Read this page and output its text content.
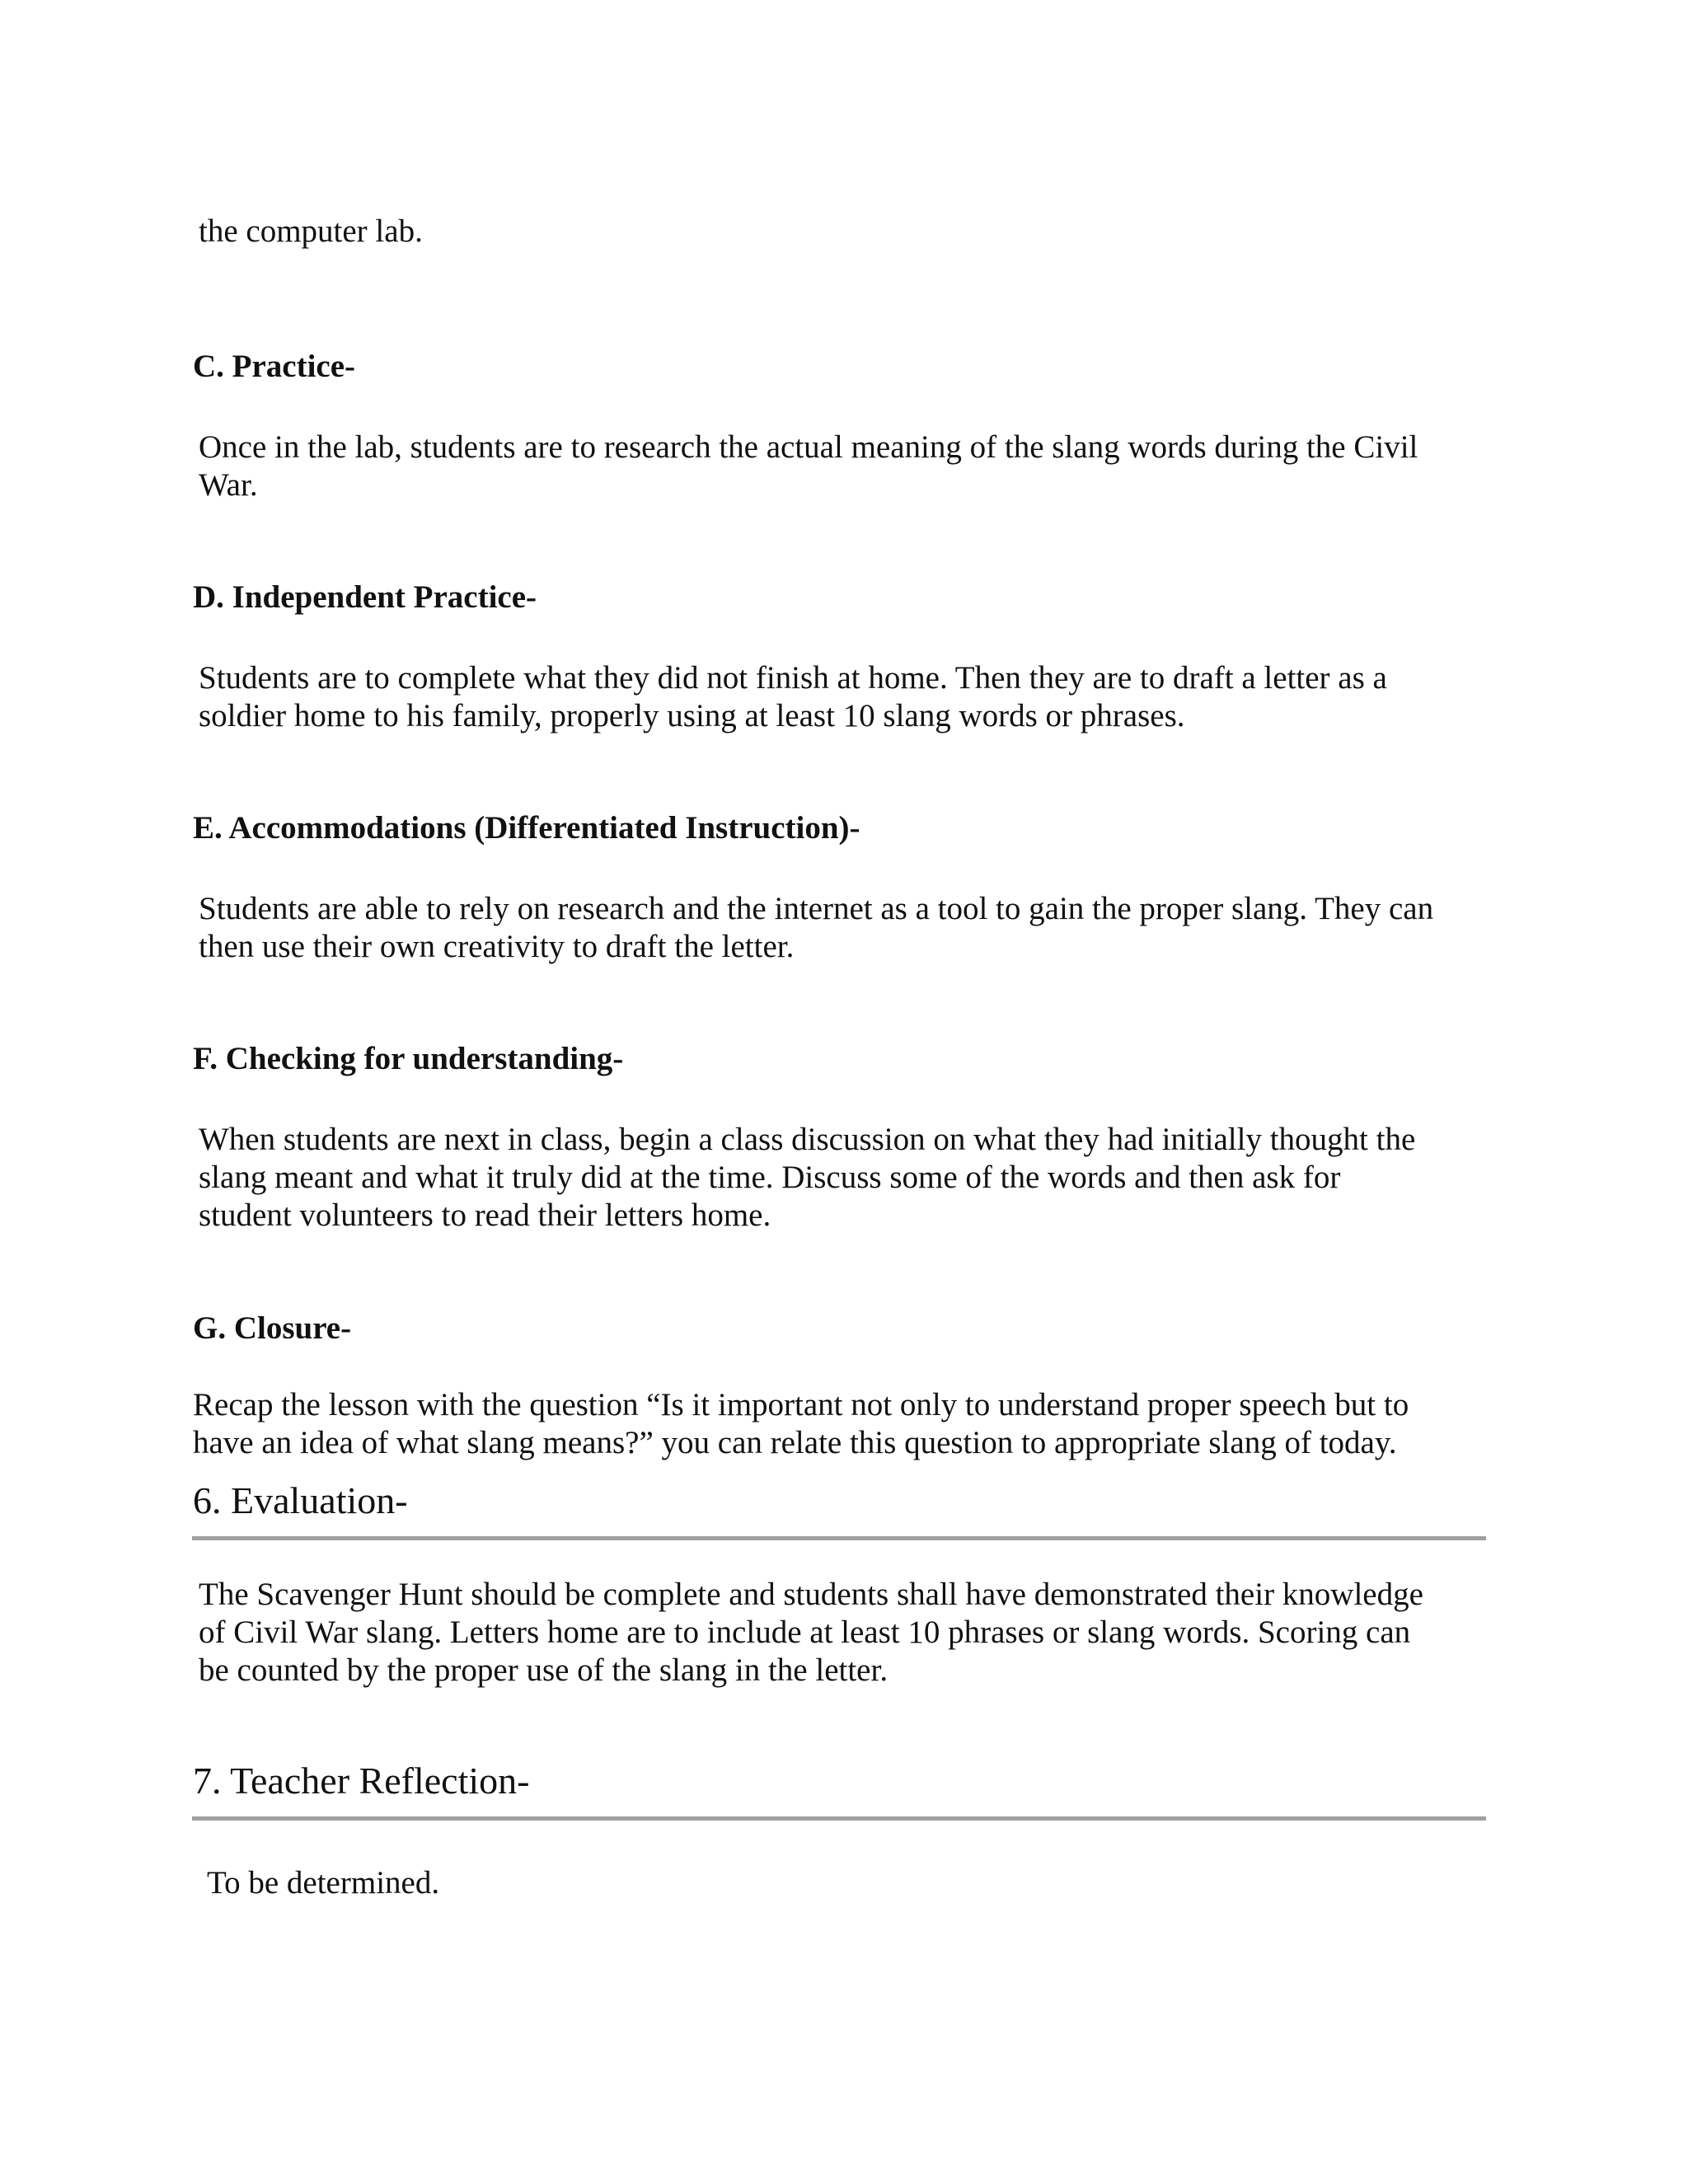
the computer lab.

C. Practice-

Once in the lab, students are to research the actual meaning of the slang words during the Civil

War.

D. Independent Practice-

Students are to complete what they did not finish at home. Then they are to draft a letter as a

soldier home to his family, properly using at least 10 slang words or phrases.

E. Accommodations (Differentiated Instruction)-

Students are able to rely on research and the internet as a tool to gain the proper slang. They can

then use their own creativity to draft the letter.

F. Checking for understanding-

When students are next in class, begin a class discussion on what they had initially thought the

slang meant and what it truly did at the time. Discuss some of the words and then ask for

student volunteers to read their letters home.

G. Closure-

Recap the lesson with the question “Is it important not only to understand proper speech but to

have an idea of what slang means?” you can relate this question to appropriate slang of today.

6. Evaluation-

The Scavenger Hunt should be complete and students shall have demonstrated their knowledge

of Civil War slang. Letters home are to include at least 10 phrases or slang words. Scoring can

be counted by the proper use of the slang in the letter.

7. Teacher Reflection-

To be determined.
